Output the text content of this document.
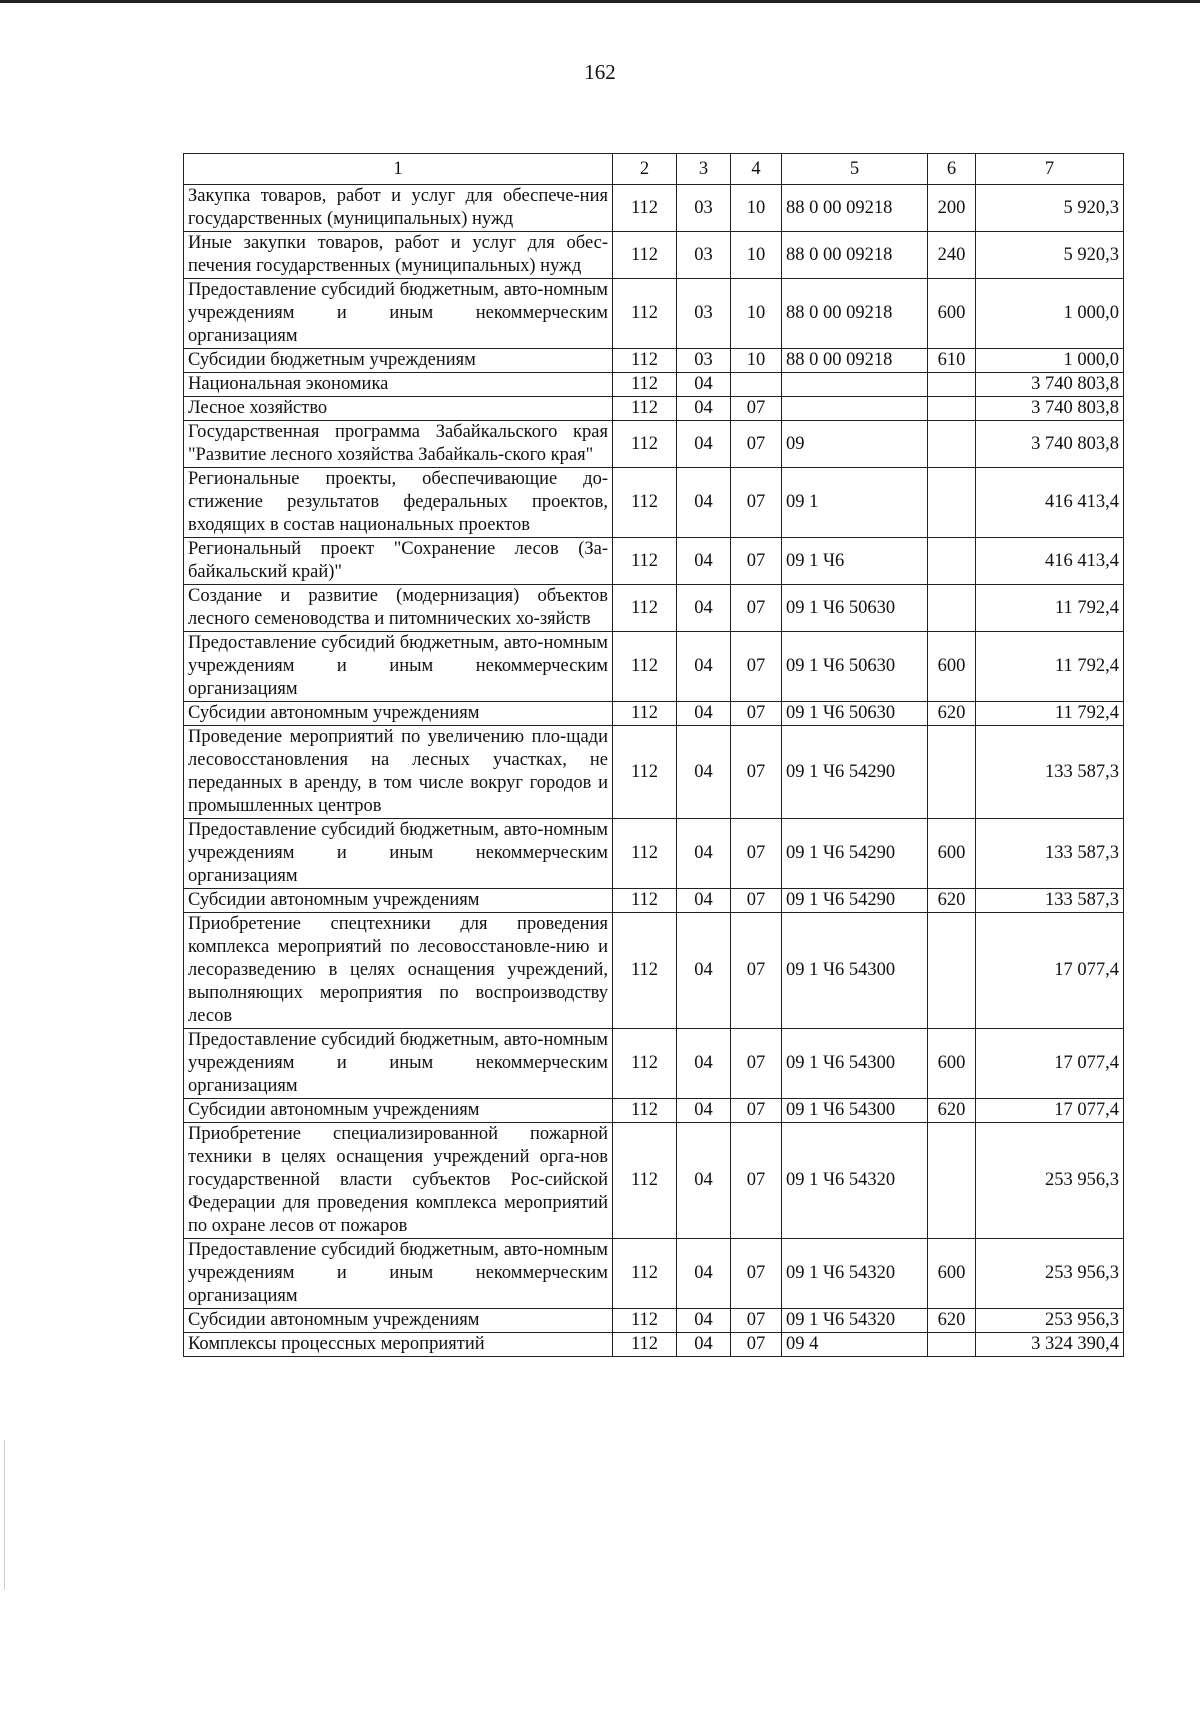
162
1	2	3	4	5	6	7
Закупка товаров, работ и услуг для обеспече-ния государственных (муниципальных) нужд	112	03	10	88 0 00 09218	200	5 920,3
Иные закупки товаров, работ и услуг для обес-печения государственных (муниципальных) нужд	112	03	10	88 0 00 09218	240	5 920,3
Предоставление субсидий бюджетным, авто-номным учреждениям и иным некоммерческим организациям	112	03	10	88 0 00 09218	600	1 000,0
Субсидии бюджетным учреждениям	112	03	10	88 0 00 09218	610	1 000,0
Национальная экономика	112	04				3 740 803,8
Лесное хозяйство	112	04	07			3 740 803,8
Государственная программа Забайкальского края "Развитие лесного хозяйства Забайкаль-ского края"	112	04	07	09		3 740 803,8
Региональные проекты, обеспечивающие до-стижение результатов федеральных проектов, входящих в состав национальных проектов	112	04	07	09 1		416 413,4
Региональный проект "Сохранение лесов (За-байкальский край)"	112	04	07	09 1 Ч6		416 413,4
Создание и развитие (модернизация) объектов лесного семеноводства и питомнических хо-зяйств	112	04	07	09 1 Ч6 50630		11 792,4
Предоставление субсидий бюджетным, авто-номным учреждениям и иным некоммерческим организациям	112	04	07	09 1 Ч6 50630	600	11 792,4
Субсидии автономным учреждениям	112	04	07	09 1 Ч6 50630	620	11 792,4
Проведение мероприятий по увеличению пло-щади лесовосстановления на лесных участках, не переданных в аренду, в том числе вокруг городов и промышленных центров	112	04	07	09 1 Ч6 54290		133 587,3
Предоставление субсидий бюджетным, авто-номным учреждениям и иным некоммерческим организациям	112	04	07	09 1 Ч6 54290	600	133 587,3
Субсидии автономным учреждениям	112	04	07	09 1 Ч6 54290	620	133 587,3
Приобретение спецтехники для проведения комплекса мероприятий по лесовосстановле-нию и лесоразведению в целях оснащения учреждений, выполняющих мероприятия по воспроизводству лесов	112	04	07	09 1 Ч6 54300		17 077,4
Предоставление субсидий бюджетным, авто-номным учреждениям и иным некоммерческим организациям	112	04	07	09 1 Ч6 54300	600	17 077,4
Субсидии автономным учреждениям	112	04	07	09 1 Ч6 54300	620	17 077,4
Приобретение специализированной пожарной техники в целях оснащения учреждений орга-нов государственной власти субъектов Рос-сийской Федерации для проведения комплекса мероприятий по охране лесов от пожаров	112	04	07	09 1 Ч6 54320		253 956,3
Предоставление субсидий бюджетным, авто-номным учреждениям и иным некоммерческим организациям	112	04	07	09 1 Ч6 54320	600	253 956,3
Субсидии автономным учреждениям	112	04	07	09 1 Ч6 54320	620	253 956,3
Комплексы процессных мероприятий	112	04	07	09 4		3 324 390,4
